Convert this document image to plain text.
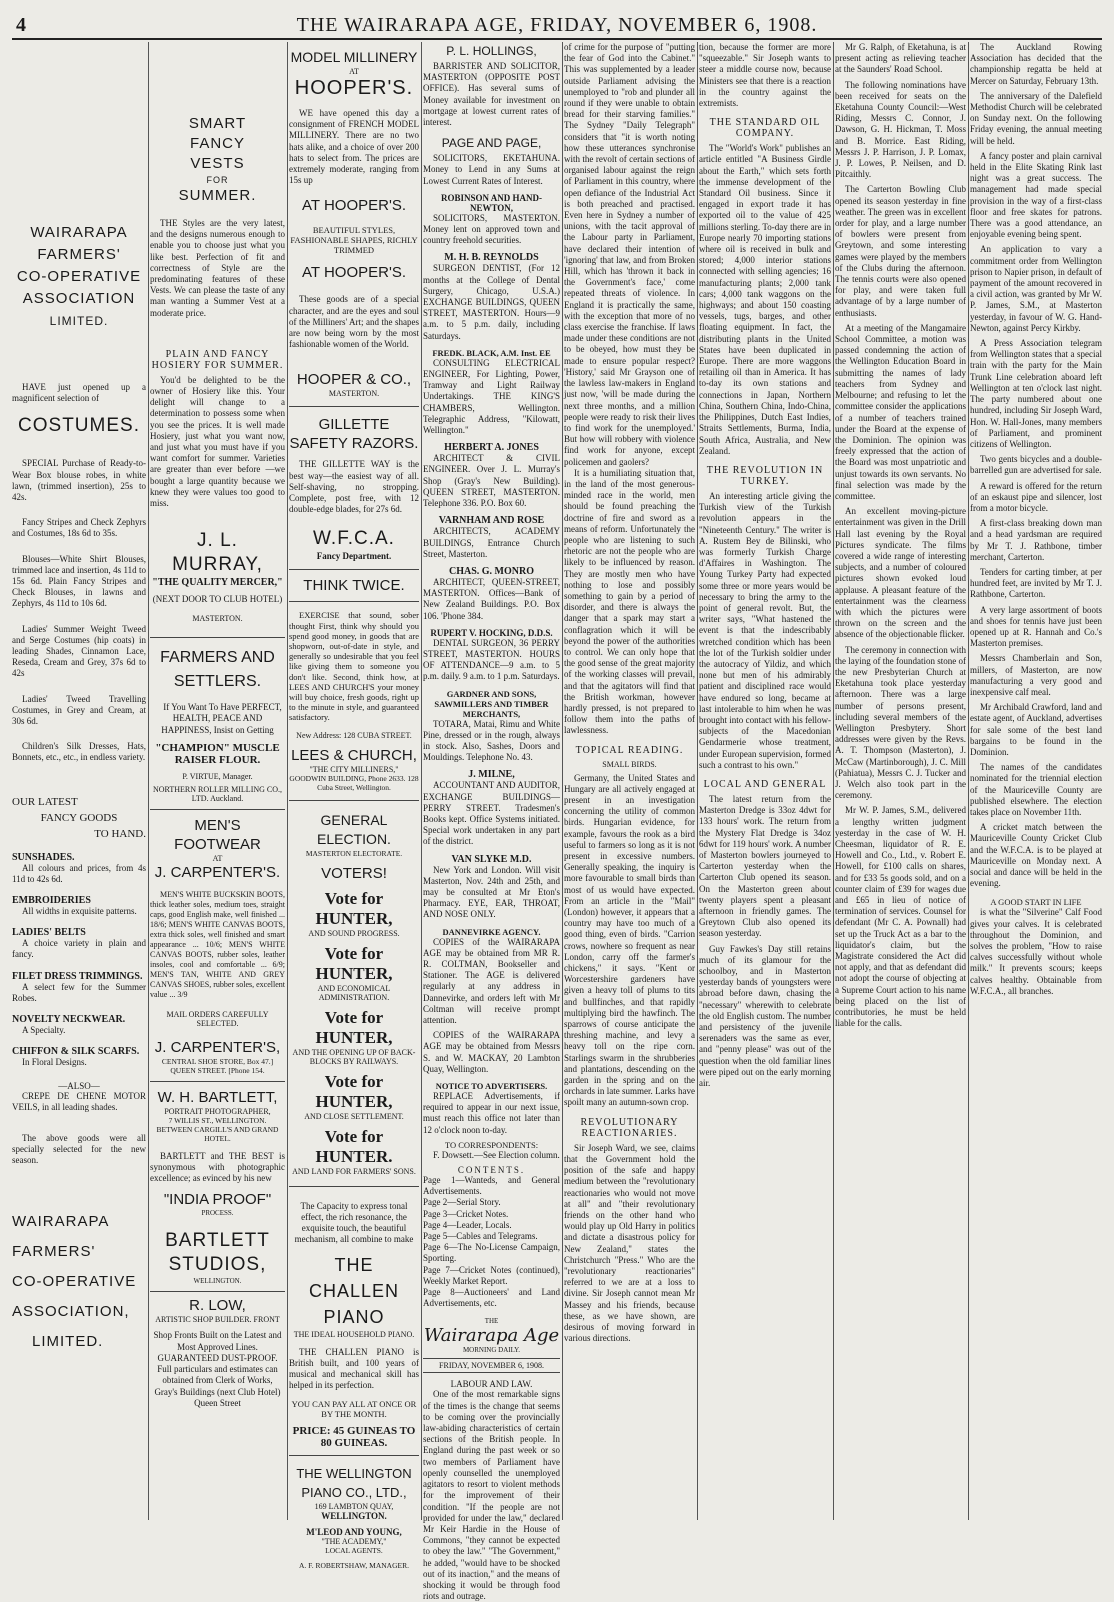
4	THE WAIRARAPA AGE, FRIDAY, NOVEMBER 6, 1908.
WAIRARAPA
FARMERS'
CO-OPERATIVE
ASSOCIATION
LIMITED.

HAVE just opened up a magnificent selection of

COSTUMES.

SPECIAL Purchase of Ready-to-Wear Box blouse robes, in white lawn, (trimmed insertion), 25s to 42s.

Fancy Stripes and Check Zephyrs and Costumes, 18s 6d to 35s.

Blouses—White Shirt Blouses, trimmed lace and insertion, 4s 11d to 15s 6d. Plain Fancy Stripes and Check Blouses, in lawns and Zephyrs, 4s 11d to 10s 6d.

Ladies' Summer Weight Tweed and Serge Costumes (hip coats) in leading Shades, Cinnamon Lace, Reseda, Cream and Grey, 37s 6d to 42s

Ladies' Tweed Travelling Costumes, in Grey and Cream, at 30s 6d.

Children's Silk Dresses, Hats, Bonnets, etc., etc., in endless variety.

OUR LATEST
FANCY GOODS
TO HAND.
SUNSHADES.

All colours and prices, from 4s 11d to 42s 6d.

EMBROIDERIES

All widths in exquisite patterns.

LADIES' BELTS

A choice variety in plain and fancy.

FILET DRESS TRIMMINGS.

A select few for the Summer Robes.

NOVELTY NECKWEAR.

A Specialty.

CHIFFON & SILK SCARFS.

In Floral Designs.

—ALSO—

CREPE DE CHENE MOTOR VEILS, in all leading shades.

The above goods were all specially selected for the new season.

WAIRARAPA
FARMERS'
CO-OPERATIVE
ASSOCIATION,
LIMITED.
SMART
FANCY
VESTS
FOR
SUMMER.

THE Styles are the very latest, and the designs numerous enough to enable you to choose just what you like best. Perfection of fit and correctness of Style are the predominating features of these Vests. We can please the taste of any man wanting a Summer Vest at a moderate price.

PLAIN AND FANCY HOSIERY FOR SUMMER.

You'd be delighted to be the owner of Hosiery like this. Your delight will change to a determination to possess some when you see the prices. It is well made Hosiery, just what you want now, and just what you must have if you want comfort for summer. Varieties are greater than ever before —we bought a large quantity because we knew they were values too good to miss.

J. L. MURRAY,
"THE QUALITY MERCER,"
(NEXT DOOR TO CLUB HOTEL)
MASTERTON.
FARMERS AND SETTLERS.

If You Want To Have PERFECT, HEALTH, PEACE AND HAPPINESS, Insist on Getting

"CHAMPION" MUSCLE RAISER FLOUR.
P. VIRTUE, Manager.
NORTHERN ROLLER MILLING CO., LTD. Auckland.
MEN'S FOOTWEAR
AT
J. CARPENTER'S.

MEN'S WHITE BUCKSKIN BOOTS, thick leather soles, medium toes, straight caps, good English make, well finished ... 18/6; MEN'S WHITE CANVAS BOOTS, extra thick soles, well finished and smart appearance ... 10/6; MEN'S WHITE CANVAS BOOTS, rubber soles, leather insoles, cool and comfortable ... 6/9; MEN'S TAN, WHITE AND GREY CANVAS SHOES, rubber soles, excellent value ... 3/9

MAIL ORDERS CAREFULLY SELECTED.
J. CARPENTER'S,
CENTRAL SHOE STORE, Box 47.] QUEEN STREET. [Phone 154.
W. H. BARTLETT,
PORTRAIT PHOTOGRAPHER,
7 WILLIS ST., WELLINGTON. BETWEEN CARGILL'S AND GRAND HOTEL.

BARTLETT and THE BEST is synonymous with photographic excellence; as evinced by his new

"INDIA PROOF"
PROCESS.
BARTLETT STUDIOS,
WELLINGTON.
R. LOW,
ARTISTIC SHOP BUILDER. FRONT

Shop Fronts Built on the Latest and Most Approved Lines. GUARANTEED DUST-PROOF. Full particulars and estimates can obtained from Clerk of Works, Gray's Buildings (next Club Hotel) Queen Street

MODEL MILLINERY
AT
HOOPER'S.

WE have opened this day a consignment of FRENCH MODEL MILLINERY. There are no two hats alike, and a choice of over 200 hats to select from. The prices are extremely moderate, ranging from 15s up

AT HOOPER'S.
BEAUTIFUL STYLES, FASHIONABLE SHAPES, RICHLY TRIMMED
AT HOOPER'S.

These goods are of a special character, and are the eyes and soul of the Milliners' Art; and the shapes are now being worn by the most fashionable women of the World.

HOOPER & CO.,
MASTERTON.
GILLETTE SAFETY RAZORS.

THE GILLETTE WAY is the best way—the easiest way of all. Self-shaving, no stropping. Complete, post free, with 12 double-edge blades, for 27s 6d.

W.F.C.A.
Fancy Department.
THINK TWICE.

EXERCISE that sound, sober thought First, think why should you spend good money, in goods that are shopworn, out-of-date in style, and generally so undesirable that you feel like giving them to someone you don't like. Second, think how, at LEES AND CHURCH'S your money will buy choice, fresh goods, right up to the minute in style, and guaranteed satisfactory.

New Address: 128 CUBA STREET.
LEES & CHURCH,
"THE CITY MILLINERS,"
GOODWIN BUILDING, Phone 2633. 128 Cuba Street, Wellington.
GENERAL ELECTION.
MASTERTON ELECTORATE.
VOTERS!
Vote for HUNTER,
AND SOUND PROGRESS.
Vote for HUNTER,
AND ECONOMICAL ADMINISTRATION.
Vote for HUNTER,
AND THE OPENING UP OF BACK-BLOCKS BY RAILWAYS.
Vote for HUNTER,
AND CLOSE SETTLEMENT.
Vote for HUNTER.
AND LAND FOR FARMERS' SONS.

The Capacity to express tonal effect, the rich resonance, the exquisite touch, the beautiful mechanism, all combine to make

THE CHALLEN PIANO
THE IDEAL HOUSEHOLD PIANO.

THE CHALLEN PIANO is British built, and 100 years of musical and mechanical skill has helped in its perfection.

YOU CAN PAY ALL AT ONCE OR BY THE MONTH.
PRICE: 45 GUINEAS TO 80 GUINEAS.
THE WELLINGTON PIANO CO., LTD.,
169 LAMBTON QUAY,
WELLINGTON.
M'LEOD AND YOUNG,
"THE ACADEMY,"
LOCAL AGENTS.
A. F. ROBERTSHAW, MANAGER.
P. L. HOLLINGS,

BARRISTER AND SOLICITOR, MASTERTON (OPPOSITE POST OFFICE). Has several sums of Money available for investment on mortgage at lowest current rates of interest.

PAGE AND PAGE,

SOLICITORS, EKETAHUNA. Money to Lend in any Sums at Lowest Current Rates of Interest.

ROBINSON AND HAND-NEWTON,

SOLICITORS, MASTERTON. Money lent on approved town and country freehold securities.

M. H. B. REYNOLDS

SURGEON DENTIST, (For 12 months at the College of Dental Surgery, Chicago, U.S.A.) EXCHANGE BUILDINGS, QUEEN STREET, MASTERTON. Hours—9 a.m. to 5 p.m. daily, including Saturdays.

FREDK. BLACK, A.M. Inst. EE

CONSULTING ELECTRICAL ENGINEER, For Lighting, Power, Tramway and Light Railway Undertakings. THE KING'S CHAMBERS, Wellington. Telegraphic Address, "Kilowatt, Wellington."

HERBERT A. JONES

ARCHITECT & CIVIL ENGINEER. Over J. L. Murray's Shop (Gray's New Building). QUEEN STREET, MASTERTON. Telephone 336. P.O. Box 60.

VARNHAM AND ROSE

ARCHITECTS, ACADEMY BUILDINGS, Entrance Church Street, Masterton.

CHAS. G. MONRO

ARCHITECT, QUEEN-STREET, MASTERTON. Offices—Bank of New Zealand Buildings. P.O. Box 106. 'Phone 384.

RUPERT V. HOCKING, D.D.S.

DENTAL SURGEON, 36 PERRY STREET, MASTERTON. HOURS OF ATTENDANCE—9 a.m. to 5 p.m. daily. 9 a.m. to 1 p.m. Saturdays.

GARDNER AND SONS, SAWMILLERS AND TIMBER MERCHANTS,

TOTARA, Matai, Rimu and White Pine, dressed or in the rough, always in stock. Also, Sashes, Doors and Mouldings. Telephone No. 43.

J. MILNE,

ACCOUNTANT AND AUDITOR, EXCHANGE BUILDINGS—PERRY STREET. Tradesmen's Books kept. Office Systems initiated. Special work undertaken in any part of the district.

VAN SLYKE M.D.

New York and London. Will visit Masterton, Nov. 24th and 25th, and may be consulted at Mr Eton's Pharmacy. EYE, EAR, THROAT, AND NOSE ONLY.

DANNEVIRKE AGENCY.

COPIES of the WAIRARAPA AGE may be obtained from MR R. R. COLTMAN, Bookseller and Stationer. The AGE is delivered regularly at any address in Dannevirke, and orders left with Mr Coltman will receive prompt attention.

COPIES of the WAIRARAPA AGE may be obtained from Messrs S. and W. MACKAY, 20 Lambton Quay, Wellington.

NOTICE TO ADVERTISERS.

REPLACE Advertisements, if required to appear in our next issue, must reach this office not later than 12 o'clock noon to-day.

TO CORRESPONDENTS:

F. Dowsett.—See Election column.

CONTENTS.
Page 1—Wanteds, and General Advertisements.
Page 2—Serial Story.
Page 3—Cricket Notes.
Page 4—Leader, Locals.
Page 5—Cables and Telegrams.
Page 6—The No-License Campaign, Sporting.
Page 7—Cricket Notes (continued), Weekly Market Report.
Page 8—Auctioneers' and Land Advertisements, etc.
THE
Wairarapa Age
MORNING DAILY.
FRIDAY, NOVEMBER 6, 1908.
LABOUR AND LAW.

One of the most remarkable signs of the times is the change that seems to be coming over the provincially law-abiding characteristics of certain sections of the British people. In England during the past week or so two members of Parliament have openly counselled the unemployed agitators to resort to violent methods for the improvement of their condition. "If the people are not provided for under the law," declared Mr Keir Hardie in the House of Commons, "they cannot be expected to obey the law." "The Government," he added, "would have to be shocked out of its inaction," and the means of shocking it would be through food riots and outrage.

of crime for the purpose of "putting the fear of God into the Cabinet." This was supplemented by a leader outside Parliament advising the unemployed to "rob and plunder all round if they were unable to obtain bread for their starving families." The Sydney "Daily Telegraph" considers that "it is worth noting how these utterances synchronise with the revolt of certain sections of organised labour against the reign of Parliament in this country, where open defiance of the Industrial Act is both preached and practised. Even here in Sydney a number of unions, with the tacit approval of the Labour party in Parliament, have declared their intention of 'ignoring' that law, and from Broken Hill, which has 'thrown it back in the Government's face,' come repeated threats of violence. In England it is practically the same, with the exception that more of no class exercise the franchise. If laws made under these conditions are not to be obeyed, how must they be made to ensure popular respect? 'History,' said Mr Grayson one of the lawless law-makers in England just now, 'will be made during the next three months, and a million people were ready to risk their lives to find work for the unemployed.' But how will robbery with violence find work for anyone, except policemen and gaolers?

It is a humiliating situation that, in the land of the most generous-minded race in the world, men should be found preaching the doctrine of fire and sword as a means of reform. Unfortunately the people who are listening to such rhetoric are not the people who are likely to be influenced by reason. They are mostly men who have nothing to lose and possibly something to gain by a period of disorder, and there is always the danger that a spark may start a conflagration which it will be beyond the power of the authorities to control. We can only hope that the good sense of the great majority of the working classes will prevail, and that the agitators will find that the British workman, however hardly pressed, is not prepared to follow them into the paths of lawlessness.

TOPICAL READING.
SMALL BIRDS.

Germany, the United States and Hungary are all actively engaged at present in an investigation concerning the utility of common birds. Hungarian evidence, for example, favours the rook as a bird useful to farmers so long as it is not present in excessive numbers. Generally speaking, the inquiry is more favourable to small birds than most of us would have expected. From an article in the "Mail" (London) however, it appears that a country may have too much of a good thing, even of birds. "Carrion crows, nowhere so frequent as near London, carry off the farmer's chickens," it says. "Kent or Worcestershire gardeners have given a heavy toll of plums to tits and bullfinches, and that rapidly multiplying bird the hawfinch. The sparrows of course anticipate the threshing machine, and levy a heavy toll on the ripe corn. Starlings swarm in the shrubberies and plantations, descending on the garden in the spring and on the orchards in late summer. Larks have spoilt many an autumn-sown crop.

REVOLUTIONARY REACTIONARIES.

Sir Joseph Ward, we see, claims that the Government hold the position of the safe and happy medium between the "revolutionary reactionaries who would not move at all" and "their revolutionary friends on the other hand who would play up Old Harry in politics and dictate a disastrous policy for New Zealand," states the Christchurch "Press." Who are the "revolutionary reactionaries" referred to we are at a loss to divine. Sir Joseph cannot mean Mr Massey and his friends, because these, as we have shown, are desirous of moving forward in various directions.

tion, because the former are more "squeezable." Sir Joseph wants to steer a middle course now, because Ministers see that there is a reaction in the country against the extremists.

THE STANDARD OIL COMPANY.

The "World's Work" publishes an article entitled "A Business Girdle about the Earth," which sets forth the immense development of the Standard Oil business. Since it engaged in export trade it has exported oil to the value of 425 millions sterling. To-day there are in Europe nearly 70 importing stations where oil is received in bulk and stored; 4,000 interior stations connected with selling agencies; 16 manufacturing plants; 2,000 tank cars; 4,000 tank waggons on the highways; and about 150 coasting vessels, tugs, barges, and other floating equipment. In fact, the distributing plants in the United States have been duplicated in Europe. There are more waggons retailing oil than in America. It has to-day its own stations and connections in Japan, Northern China, Southern China, Indo-China, the Philippines, Dutch East Indies, Straits Settlements, Burma, India, South Africa, Australia, and New Zealand.

THE REVOLUTION IN TURKEY.

An interesting article giving the Turkish view of the Turkish revolution appears in the "Nineteenth Century." The writer is A. Rustem Bey de Bilinski, who was formerly Turkish Charge d'Affaires in Washington. The Young Turkey Party had expected some three or more years would be necessary to bring the army to the point of general revolt. But, the writer says, "What hastened the event is that the indescribably wretched condition which has been the lot of the Turkish soldier under the autocracy of Yildiz, and which none but men of his admirably patient and disciplined race would have endured so long, became at last intolerable to him when he was brought into contact with his fellow-subjects of the Macedonian Gendarmerie whose treatment, under European supervision, formed such a contrast to his own."

LOCAL AND GENERAL

The latest return from the Masterton Dredge is 33oz 4dwt for 133 hours' work. The return from the Mystery Flat Dredge is 34oz 6dwt for 119 hours' work. A number of Masterton bowlers journeyed to Carterton yesterday when the Carterton Club opened its season. On the Masterton green about twenty players spent a pleasant afternoon in friendly games. The Greytown Club also opened its season yesterday.

Guy Fawkes's Day still retains much of its glamour for the schoolboy, and in Masterton yesterday bands of youngsters were abroad before dawn, chasing the "necessary" wherewith to celebrate the old English custom. The number and persistency of the juvenile serenaders was the same as ever, and "penny please" was out of the question when the old familiar lines were piped out on the early morning air.

Mr G. Ralph, of Eketahuna, is at present acting as relieving teacher at the Saunders' Road School.

The following nominations have been received for seats on the Eketahuna County Council:—West Riding, Messrs C. Connor, J. Dawson, G. H. Hickman, T. Moss and B. Morrice. East Riding, Messrs J. P. Harrison, J. P. Lomax, J. P. Lowes, P. Neilsen, and D. Pitcaithly.

The Carterton Bowling Club opened its season yesterday in fine weather. The green was in excellent order for play, and a large number of bowlers were present from Greytown, and some interesting games were played by the members of the Clubs during the afternoon. The tennis courts were also opened for play, and were taken full advantage of by a large number of enthusiasts.

At a meeting of the Mangamaire School Committee, a motion was passed condemning the action of the Wellington Education Board in submitting the names of lady teachers from Sydney and Melbourne; and refusing to let the committee consider the applications of a number of teachers trained under the Board at the expense of the Dominion. The opinion was freely expressed that the action of the Board was most unpatriotic and unjust towards its own servants. No final selection was made by the committee.

An excellent moving-picture entertainment was given in the Drill Hall last evening by the Royal Pictures syndicate. The films covered a wide range of interesting subjects, and a number of coloured pictures shown evoked loud applause. A pleasant feature of the entertainment was the clearness with which the pictures were thrown on the screen and the absence of the objectionable flicker.

The ceremony in connection with the laying of the foundation stone of the new Presbyterian Church at Eketahuna took place yesterday afternoon. There was a large number of persons present, including several members of the Wellington Presbytery. Short addresses were given by the Revs. A. T. Thompson (Masterton), J. McCaw (Martinborough), J. C. Mill (Pahiatua), Messrs C. J. Tucker and J. Welch also took part in the ceremony.

Mr W. P. James, S.M., delivered a lengthy written judgment yesterday in the case of W. H. Cheesman, liquidator of R. E. Howell and Co., Ltd., v. Robert E. Howell, for £100 calls on shares, and for £33 5s goods sold, and on a counter claim of £39 for wages due and £65 in lieu of notice of termination of services. Counsel for defendant (Mr C. A. Pownall) had set up the Truck Act as a bar to the liquidator's claim, but the Magistrate considered the Act did not apply, and that as defendant did not adopt the course of objecting at a Supreme Court action to his name being placed on the list of contributories, he must be held liable for the calls.

The Auckland Rowing Association has decided that the championship regatta be held at Mercer on Saturday, February 13th.

The anniversary of the Dalefield Methodist Church will be celebrated on Sunday next. On the following Friday evening, the annual meeting will be held.

A fancy poster and plain carnival held in the Elite Skating Rink last night was a great success. The management had made special provision in the way of a first-class floor and free skates for patrons. There was a good attendance, an enjoyable evening being spent.

An application to vary a commitment order from Wellington prison to Napier prison, in default of payment of the amount recovered in a civil action, was granted by Mr W. P. James, S.M., at Masterton yesterday, in favour of W. G. Hand-Newton, against Percy Kirkby.

A Press Association telegram from Wellington states that a special train with the party for the Main Trunk Line celebration aboard left Wellington at ten o'clock last night. The party numbered about one hundred, including Sir Joseph Ward, Hon. W. Hall-Jones, many members of Parliament, and prominent citizens of Wellington.

Two gents bicycles and a double-barrelled gun are advertised for sale.

A reward is offered for the return of an eskaust pipe and silencer, lost from a motor bicycle.

A first-class breaking down man and a head yardsman are required by Mr T. J. Rathbone, timber merchant, Carterton.

Tenders for carting timber, at per hundred feet, are invited by Mr T. J. Rathbone, Carterton.

A very large assortment of boots and shoes for tennis have just been opened up at R. Hannah and Co.'s Masterton premises.

Messrs Chamberlain and Son, millers, of Masterton, are now manufacturing a very good and inexpensive calf meal.

Mr Archibald Crawford, land and estate agent, of Auckland, advertises for sale some of the best land bargains to be found in the Dominion.

The names of the candidates nominated for the triennial election of the Mauriceville County are published elsewhere. The election takes place on November 11th.

A cricket match between the Mauriceville County Cricket Club and the W.F.C.A. is to be played at Mauriceville on Monday next. A social and dance will be held in the evening.

A GOOD START IN LIFE

is what the "Silverine" Calf Food gives your calves. It is celebrated throughout the Dominion, and solves the problem, "How to raise calves successfully without whole milk." It prevents scours; keeps calves healthy. Obtainable from W.F.C.A., all branches.
